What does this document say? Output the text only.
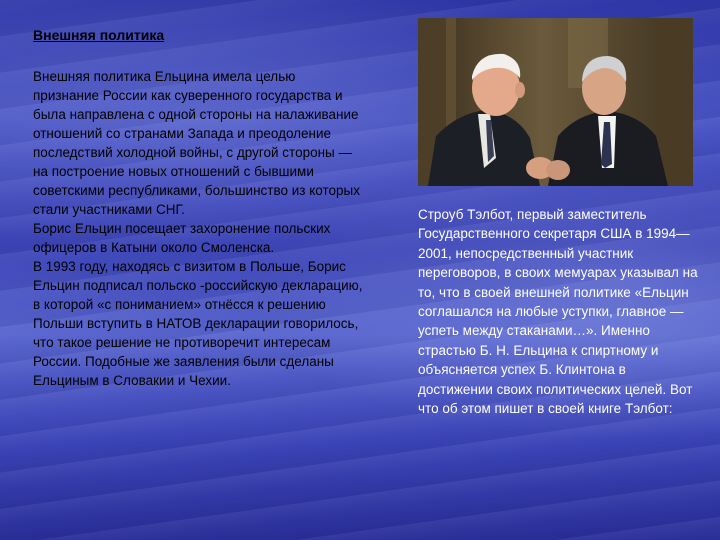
Внешняя политика

Внешняя политика Ельцина имела целью признание России как суверенного государства и была направлена с одной стороны на налаживание отношений со странами Запада и преодоление последствий холодной войны, с другой стороны — на построение новых отношений с бывшими советскими республиками, большинство из которых стали участниками СНГ.

Борис Ельцин посещает захоронение польских офицеров в Катыни около Смоленска.

В 1993 году, находясь с визитом в Польше, Борис Ельцин подписал польско -российскую декларацию, в которой «с пониманием» отнёсся к решению Польши вступить в НАТОВ декларации говорилось, что такое решение не противоречит интересам России. Подобные же заявления были сделаны Ельциным в Словакии и Чехии.

Строуб Тэлбот, первый заместитель Государственного секретаря США в 1994—2001, непосредственный участник переговоров, в своих мемуарах указывал на то, что в своей внешней политике «Ельцин соглашался на любые уступки, главное — успеть между стаканами…». Именно страстью Б. Н. Ельцина к спиртному и объясняется успех Б. Клинтона в достижении своих политических целей. Вот что об этом пишет в своей книге Тэлбот:
